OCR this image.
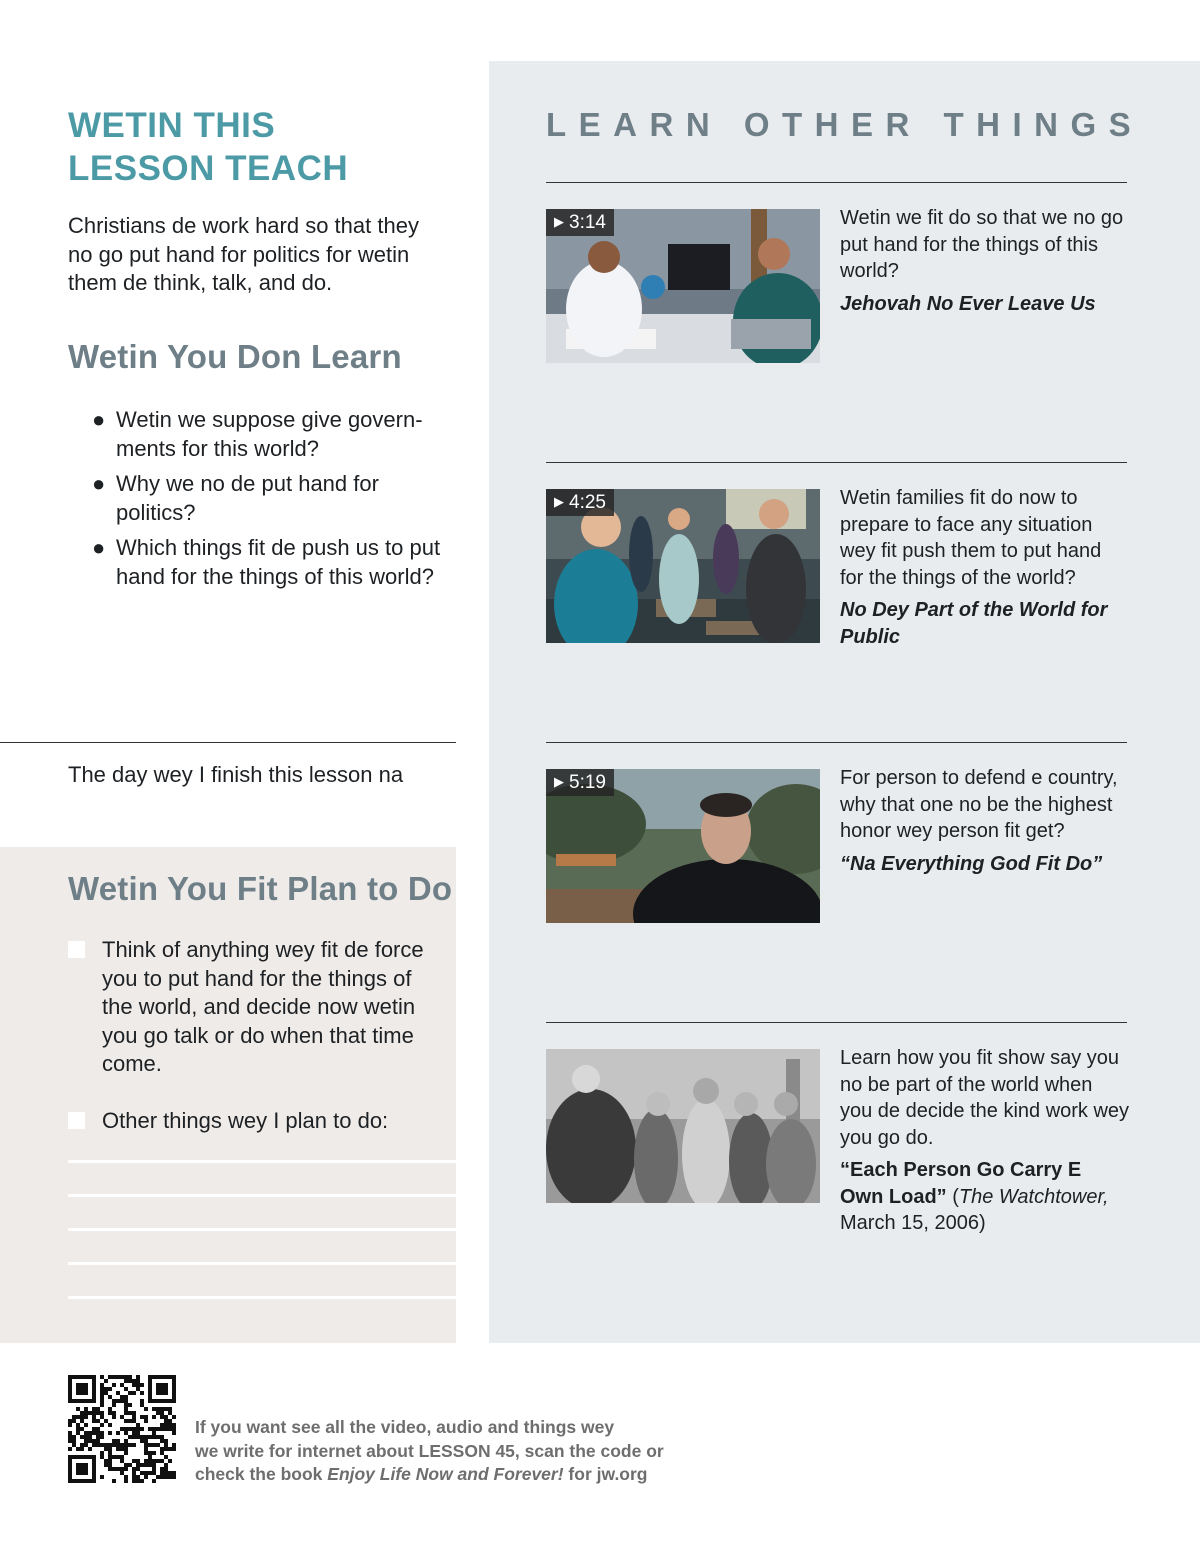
WETIN THIS
LESSON TEACH

Christians de work hard so that they no go put hand for politics for wetin them de think, talk, and do.

Wetin You Don Learn
● Wetin we suppose give govern-ments for this world?
● Why we no de put hand for politics?
● Which things fit de push us to put hand for the things of this world?

The day wey I finish this lesson na

Wetin You Fit Plan to Do
Think of anything wey fit de force you to put hand for the things of the world, and decide now wetin you go talk or do when that time come.
Other things wey I plan to do:
LEARN OTHER THINGS
▶ 3:14	Wetin we fit do so that we no go put hand for the things of this world?

Jehovah No Ever Leave Us

▶ 4:25	Wetin families fit do now to prepare to face any situation wey fit push them to put hand for the things of the world?

No Dey Part of the World for Public

▶ 5:19	For person to defend e country, why that one no be the highest honor wey person fit get?

“Na Everything God Fit Do”

Learn how you fit show say you no be part of the world when you de decide the kind work wey you go do.

“Each Person Go Carry E Own Load” (The Watchtower, March 15, 2006)

If you want see all the video, audio and things wey
we write for internet about LESSON 45, scan the code or
check the book Enjoy Life Now and Forever! for jw.org
